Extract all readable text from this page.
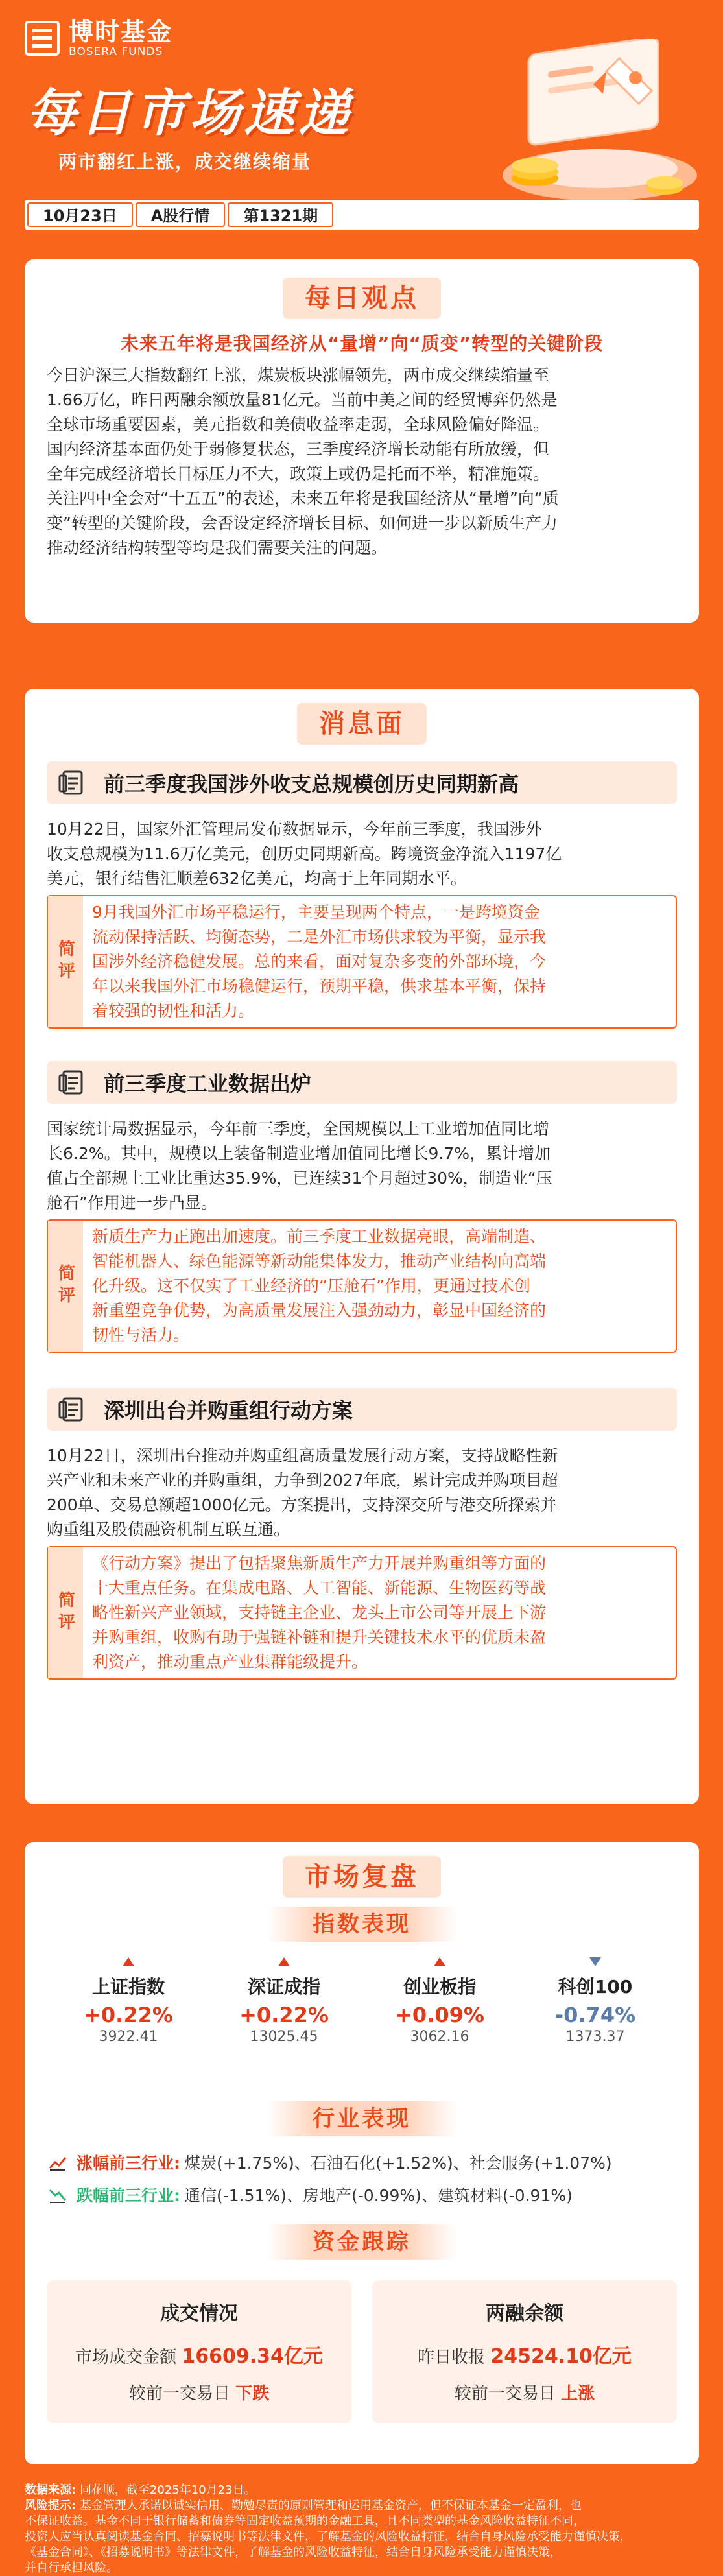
博时基金
BOSERA FUNDS
每日市场速递
两市翻红上涨，成交继续缩量
10月23日	A股行情	第1321期
每日观点
未来五年将是我国经济从“量增”向“质变”转型的关键阶段
今日沪深三大指数翻红上涨，煤炭板块涨幅领先，两市成交继续缩量至
1.66万亿，昨日两融余额放量81亿元。当前中美之间的经贸博弈仍然是
全球市场重要因素，美元指数和美债收益率走弱，全球风险偏好降温。
国内经济基本面仍处于弱修复状态，三季度经济增长动能有所放缓，但
全年完成经济增长目标压力不大，政策上或仍是托而不举，精准施策。
关注四中全会对“十五五”的表述，未来五年将是我国经济从“量增”向“质
变”转型的关键阶段，会否设定经济增长目标、如何进一步以新质生产力
推动经济结构转型等均是我们需要关注的问题。
消息面
前三季度我国涉外收支总规模创历史同期新高
10月22日，国家外汇管理局发布数据显示，今年前三季度，我国涉外
收支总规模为11.6万亿美元，创历史同期新高。跨境资金净流入1197亿
美元，银行结售汇顺差632亿美元，均高于上年同期水平。
简评
9月我国外汇市场平稳运行，主要呈现两个特点，一是跨境资金
流动保持活跃、均衡态势，二是外汇市场供求较为平衡，显示我
国涉外经济稳健发展。总的来看，面对复杂多变的外部环境，今
年以来我国外汇市场稳健运行，预期平稳，供求基本平衡，保持
着较强的韧性和活力。
前三季度工业数据出炉
国家统计局数据显示，今年前三季度，全国规模以上工业增加值同比增
长6.2%。其中，规模以上装备制造业增加值同比增长9.7%，累计增加
值占全部规上工业比重达35.9%，已连续31个月超过30%，制造业“压
舱石”作用进一步凸显。
简评
新质生产力正跑出加速度。前三季度工业数据亮眼，高端制造、
智能机器人、绿色能源等新动能集体发力，推动产业结构向高端
化升级。这不仅实了工业经济的“压舱石”作用，更通过技术创
新重塑竞争优势，为高质量发展注入强劲动力，彰显中国经济的
韧性与活力。
深圳出台并购重组行动方案
10月22日，深圳出台推动并购重组高质量发展行动方案，支持战略性新
兴产业和未来产业的并购重组，力争到2027年底，累计完成并购项目超
200单、交易总额超1000亿元。方案提出，支持深交所与港交所探索并
购重组及股债融资机制互联互通。
简评
《行动方案》提出了包括聚焦新质生产力开展并购重组等方面的
十大重点任务。在集成电路、人工智能、新能源、生物医药等战
略性新兴产业领域，支持链主企业、龙头上市公司等开展上下游
并购重组，收购有助于强链补链和提升关键技术水平的优质未盈
利资产，推动重点产业集群能级提升。
市场复盘
指数表现
上证指数
+0.22%
3922.41
深证成指
+0.22%
13025.45
创业板指
+0.09%
3062.16
科创100
-0.74%
1373.37
行业表现
涨幅前三行业: 煤炭(+1.75%)、石油石化(+1.52%)、社会服务(+1.07%)
跌幅前三行业: 通信(-1.51%)、房地产(-0.99%)、建筑材料(-0.91%)
资金跟踪
成交情况
市场成交金额 16609.34亿元
较前一交易日 下跌
两融余额
昨日收报 24524.10亿元
较前一交易日 上涨
数据来源: 同花顺，截至2025年10月23日。
风险提示: 基金管理人承诺以诚实信用、勤勉尽责的原则管理和运用基金资产，但不保证本基金一定盈利，也
不保证收益。基金不同于银行储蓄和债券等固定收益预期的金融工具，且不同类型的基金风险收益特征不同，
投资人应当认真阅读基金合同、招募说明书等法律文件，了解基金的风险收益特征，结合自身风险承受能力谨慎决策，
《基金合同》、《招募说明书》等法律文件，了解基金的风险收益特征，结合自身风险承受能力谨慎决策，
并自行承担风险。
